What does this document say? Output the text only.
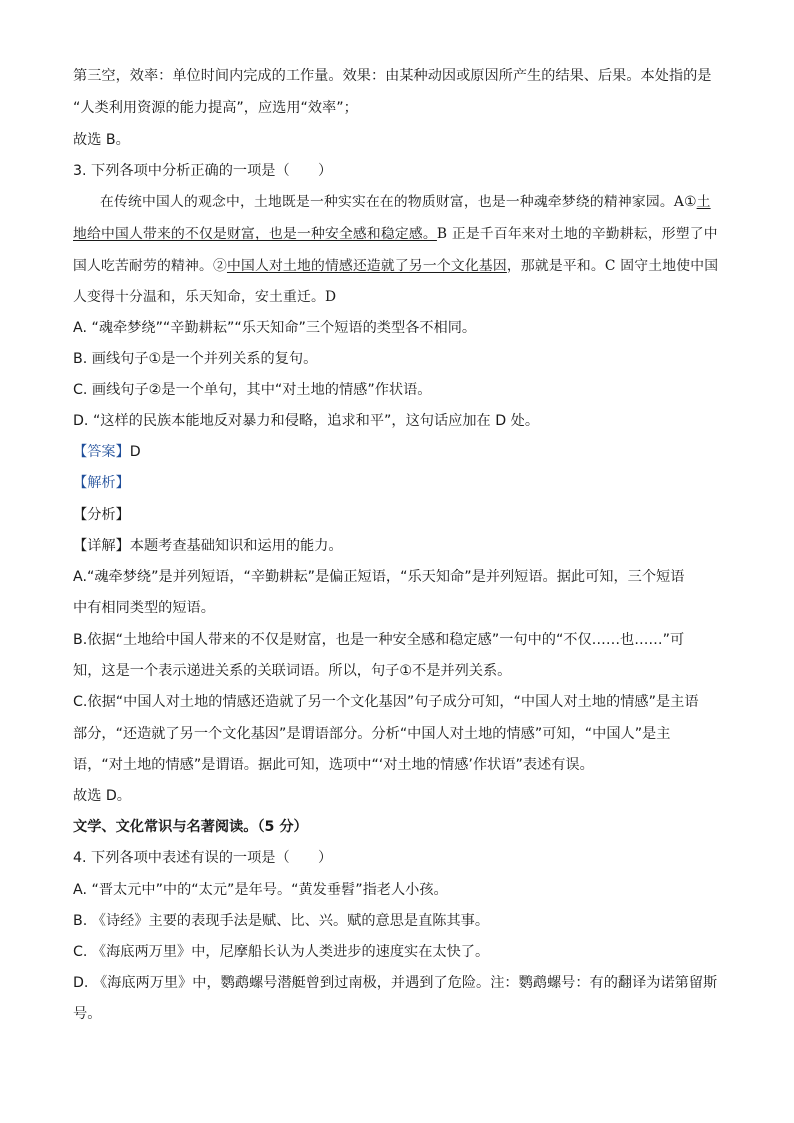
第三空，效率：单位时间内完成的工作量。效果：由某种动因或原因所产生的结果、后果。本处指的是
“人类利用资源的能力提高”，应选用“效率”；
故选 B。
3. 下列各项中分析正确的一项是（　　）
在传统中国人的观念中，土地既是一种实实在在的物质财富，也是一种魂牵梦绕的精神家园。A①土
地给中国人带来的不仅是财富，也是一种安全感和稳定感。B 正是千百年来对土地的辛勤耕耘，形塑了中
国人吃苦耐劳的精神。②中国人对土地的情感还造就了另一个文化基因，那就是平和。C 固守土地使中国
人变得十分温和，乐天知命，安土重迁。D
A. “魂牵梦绕”“辛勤耕耘”“乐天知命”三个短语的类型各不相同。
B. 画线句子①是一个并列关系的复句。
C. 画线句子②是一个单句，其中“对土地的情感”作状语。
D. “这样的民族本能地反对暴力和侵略，追求和平”，这句话应加在 D 处。
【答案】D
【解析】
【分析】
【详解】本题考查基础知识和运用的能力。
A.“魂牵梦绕”是并列短语，“辛勤耕耘”是偏正短语，“乐天知命”是并列短语。据此可知，三个短语
中有相同类型的短语。
B.依据“土地给中国人带来的不仅是财富，也是一种安全感和稳定感”一句中的“不仅……也……”可
知，这是一个表示递进关系的关联词语。所以，句子①不是并列关系。
C.依据“中国人对土地的情感还造就了另一个文化基因”句子成分可知，“中国人对土地的情感”是主语
部分，“还造就了另一个文化基因”是谓语部分。分析“中国人对土地的情感”可知，“中国人”是主
语，“对土地的情感”是谓语。据此可知，选项中“‘对土地的情感’作状语”表述有误。
故选 D。
文学、文化常识与名著阅读。（5 分）
4. 下列各项中表述有误的一项是（　　）
A. “晋太元中”中的“太元”是年号。“黄发垂髫”指老人小孩。
B. 《诗经》主要的表现手法是赋、比、兴。赋的意思是直陈其事。
C. 《海底两万里》中，尼摩船长认为人类进步的速度实在太快了。
D. 《海底两万里》中，鹦鹉螺号潜艇曾到过南极，并遇到了危险。注：鹦鹉螺号：有的翻译为诺第留斯
号。
